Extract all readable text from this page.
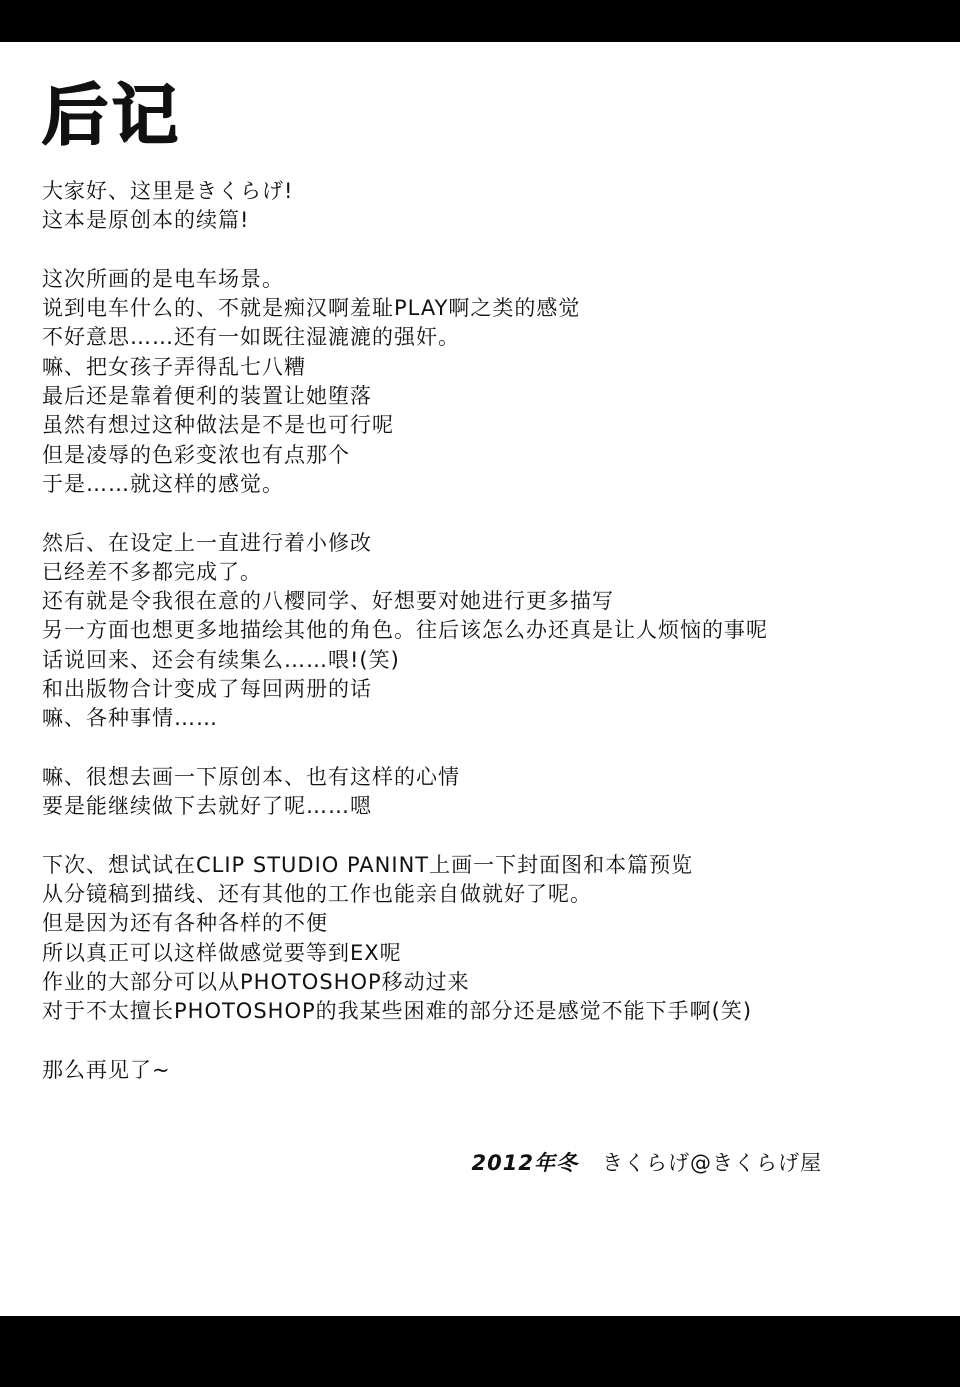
后记

大家好、这里是きくらげ!
这本是原创本的续篇!

这次所画的是电车场景。
说到电车什么的、不就是痴汉啊羞耻PLAY啊之类的感觉
不好意思……还有一如既往湿漉漉的强奸。
嘛、把女孩子弄得乱七八糟
最后还是靠着便利的装置让她堕落
虽然有想过这种做法是不是也可行呢
但是凌辱的色彩变浓也有点那个
于是……就这样的感觉。

然后、在设定上一直进行着小修改
已经差不多都完成了。
还有就是令我很在意的八樱同学、好想要对她进行更多描写
另一方面也想更多地描绘其他的角色。往后该怎么办还真是让人烦恼的事呢
话说回来、还会有续集么……喂!(笑)
和出版物合计变成了每回两册的话
嘛、各种事情……

嘛、很想去画一下原创本、也有这样的心情
要是能继续做下去就好了呢……嗯

下次、想试试在CLIP STUDIO PANINT上画一下封面图和本篇预览
从分镜稿到描线、还有其他的工作也能亲自做就好了呢。
但是因为还有各种各样的不便
所以真正可以这样做感觉要等到EX呢
作业的大部分可以从PHOTOSHOP移动过来
对于不太擅长PHOTOSHOP的我某些困难的部分还是感觉不能下手啊(笑)

那么再见了~

2012年冬 きくらげ@きくらげ屋
